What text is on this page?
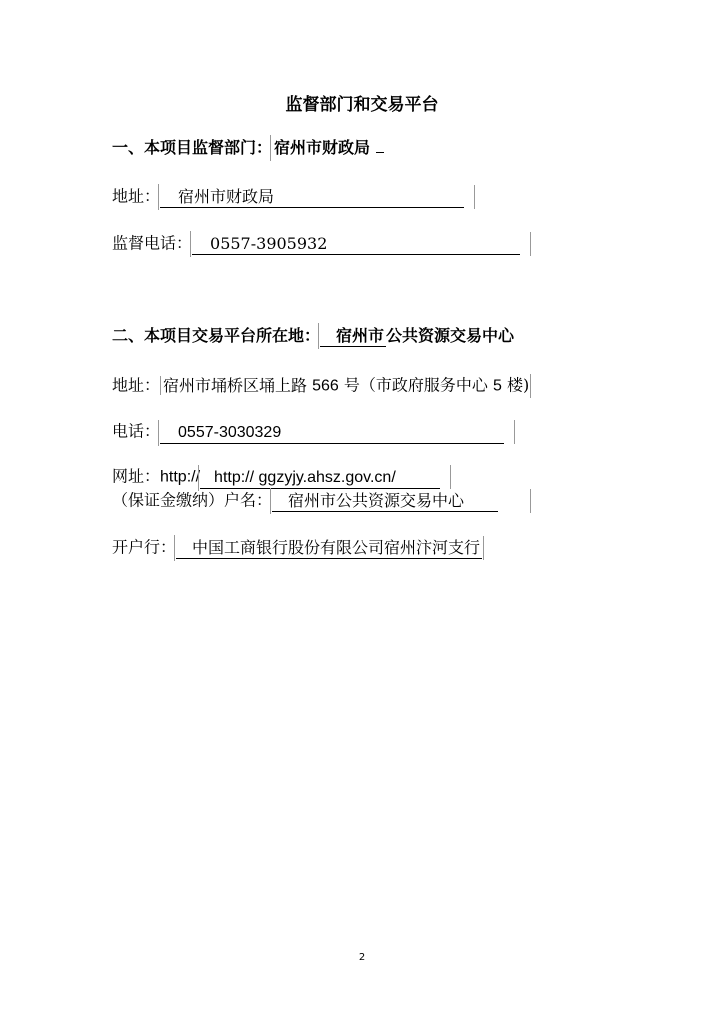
监督部门和交易平台
一、本项目监督部门： 宿州市财政局
地址： 宿州市财政局
监督电话： 0557-3905932
二、本项目交易平台所在地： 宿州市 公共资源交易中心
地址： 宿州市埇桥区埇上路 566 号（市政府服务中心 5 楼)
电话： 0557-3030329
网址：http:// http:// ggzyjy.ahsz.gov.cn/
（保证金缴纳）户名： 宿州市公共资源交易中心
开户行： 中国工商银行股份有限公司宿州汴河支行
2
